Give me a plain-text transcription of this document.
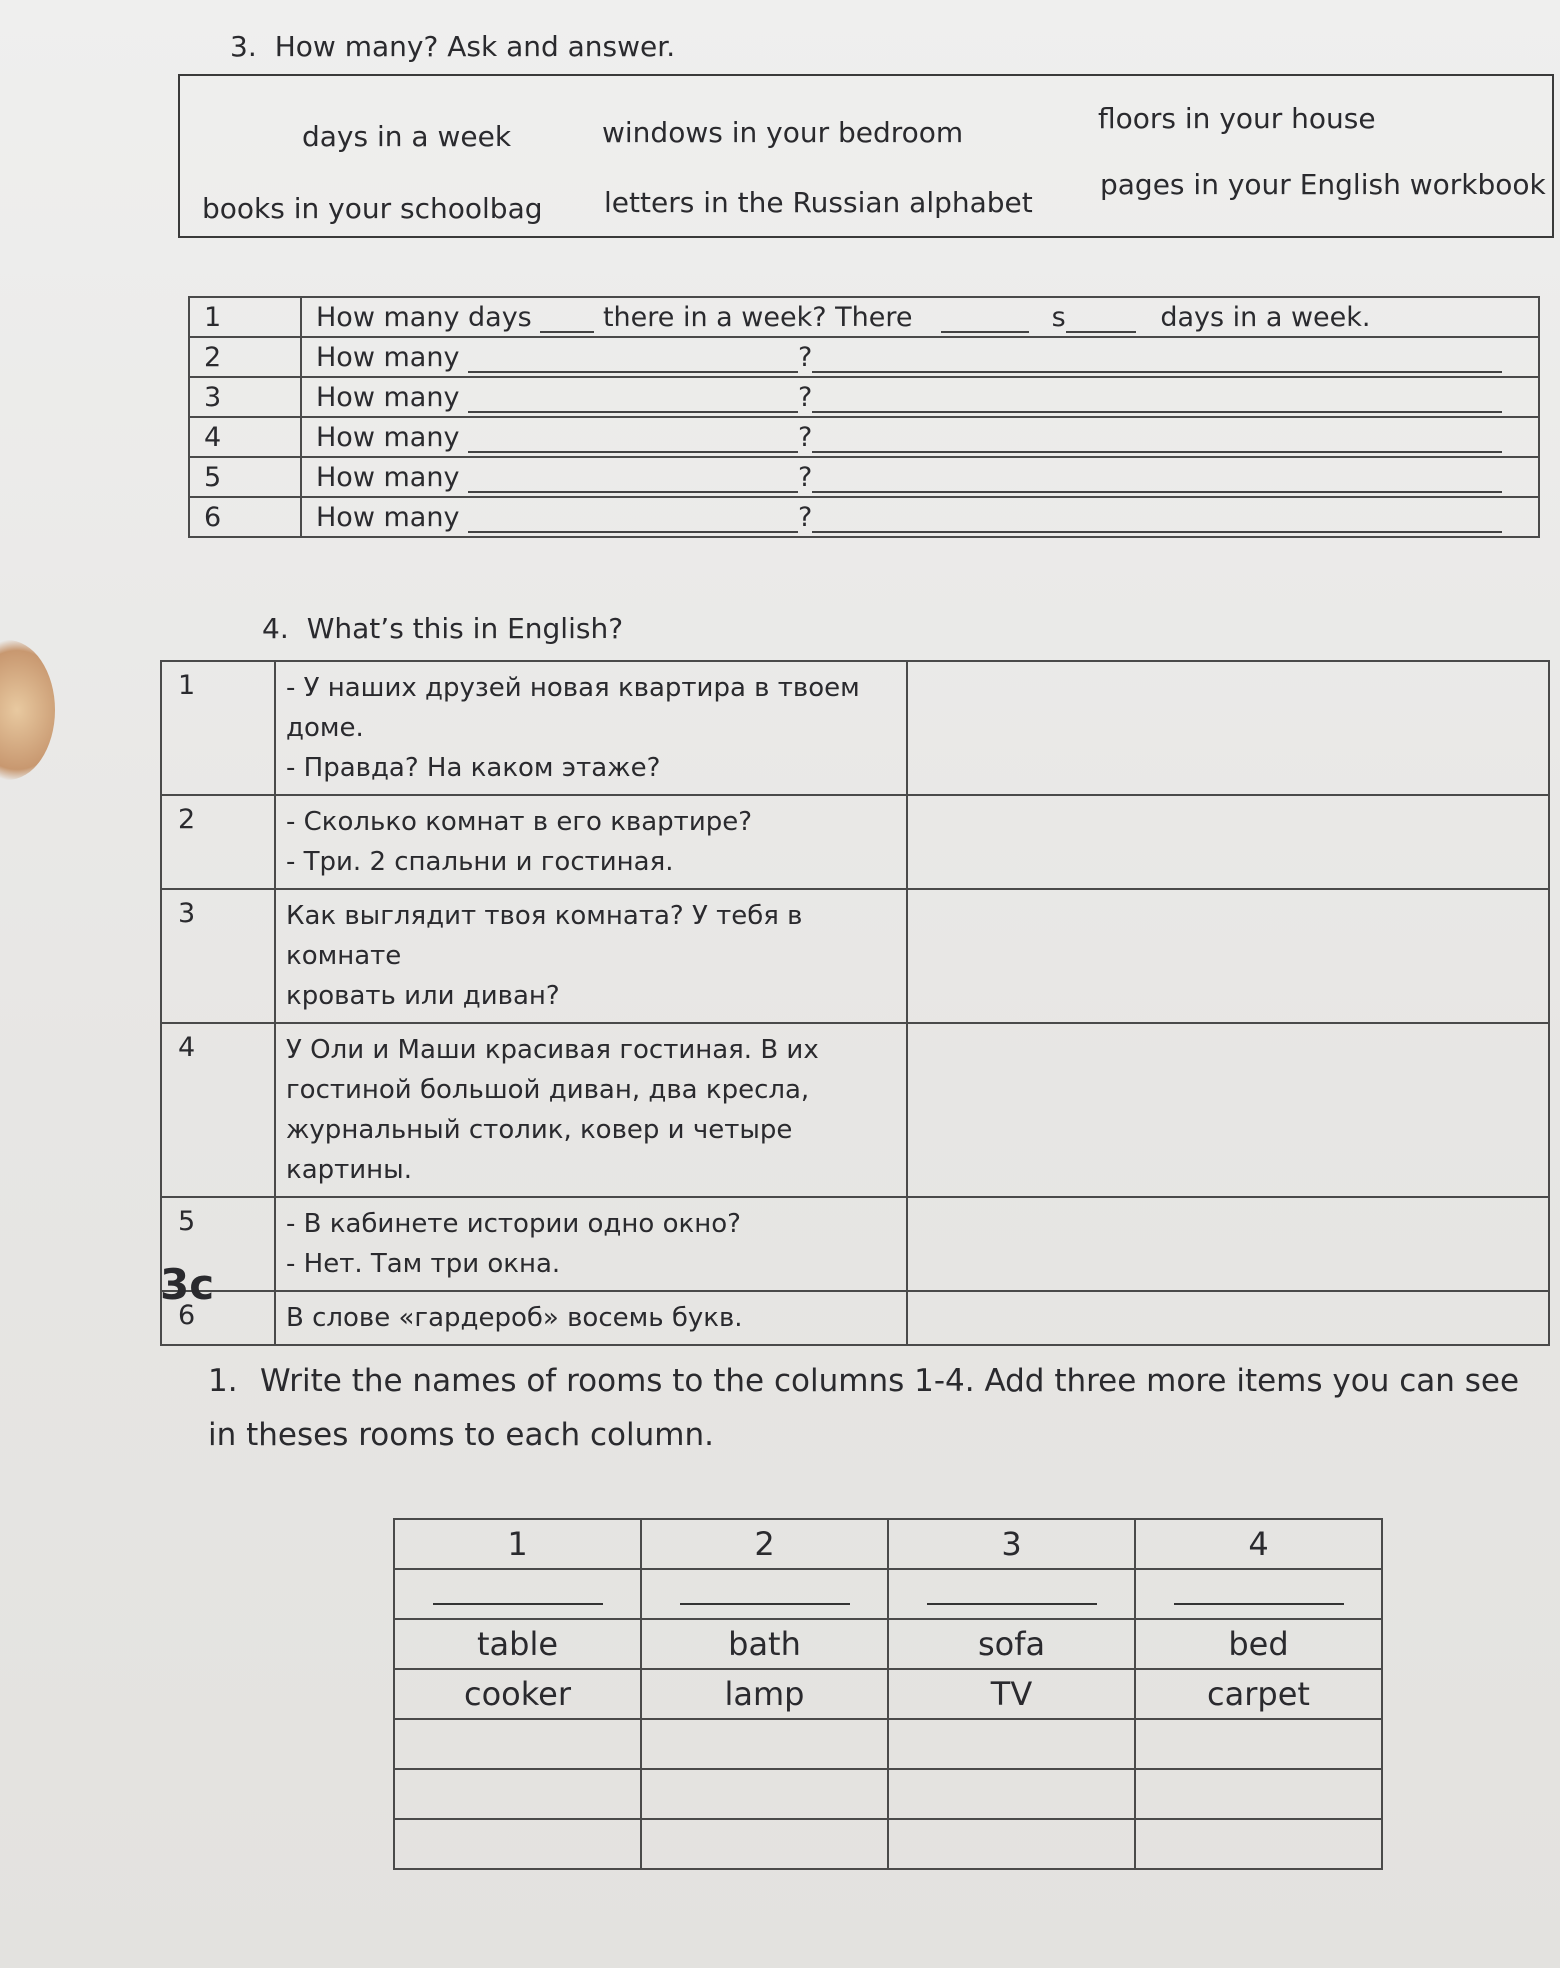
3. How many? Ask and answer.
days in a week	windows in your bedroom	floors in your house
books in your schoolbag letters in the Russian alphabet
pages in your English workbook
1	How many days there in a week? There s days in a week.
2	How many ?
3	How many ?
4	How many ?
5	How many ?
6	How many ?
4. What’s this in English?
1	- У наших друзей новая квартира в твоем
доме.
- Правда? На каком этаже?	
2	- Сколько комнат в его квартире?
- Три. 2 спальни и гостиная.	
3	Как выглядит твоя комната? У тебя в комнате
кровать или диван?	
4	У Оли и Маши красивая гостиная. В их
гостиной большой диван, два кресла,
журнальный столик, ковер и четыре картины.	
5	- В кабинете истории одно окно?
- Нет. Там три окна.	
6	В слове «гардероб» восемь букв.	
3c
1. Write the names of rooms to the columns 1-4. Add three more items you can see in theses rooms to each column.
1	2	3	4

table	bath	sofa	bed
cooker	lamp	TV	carpet
